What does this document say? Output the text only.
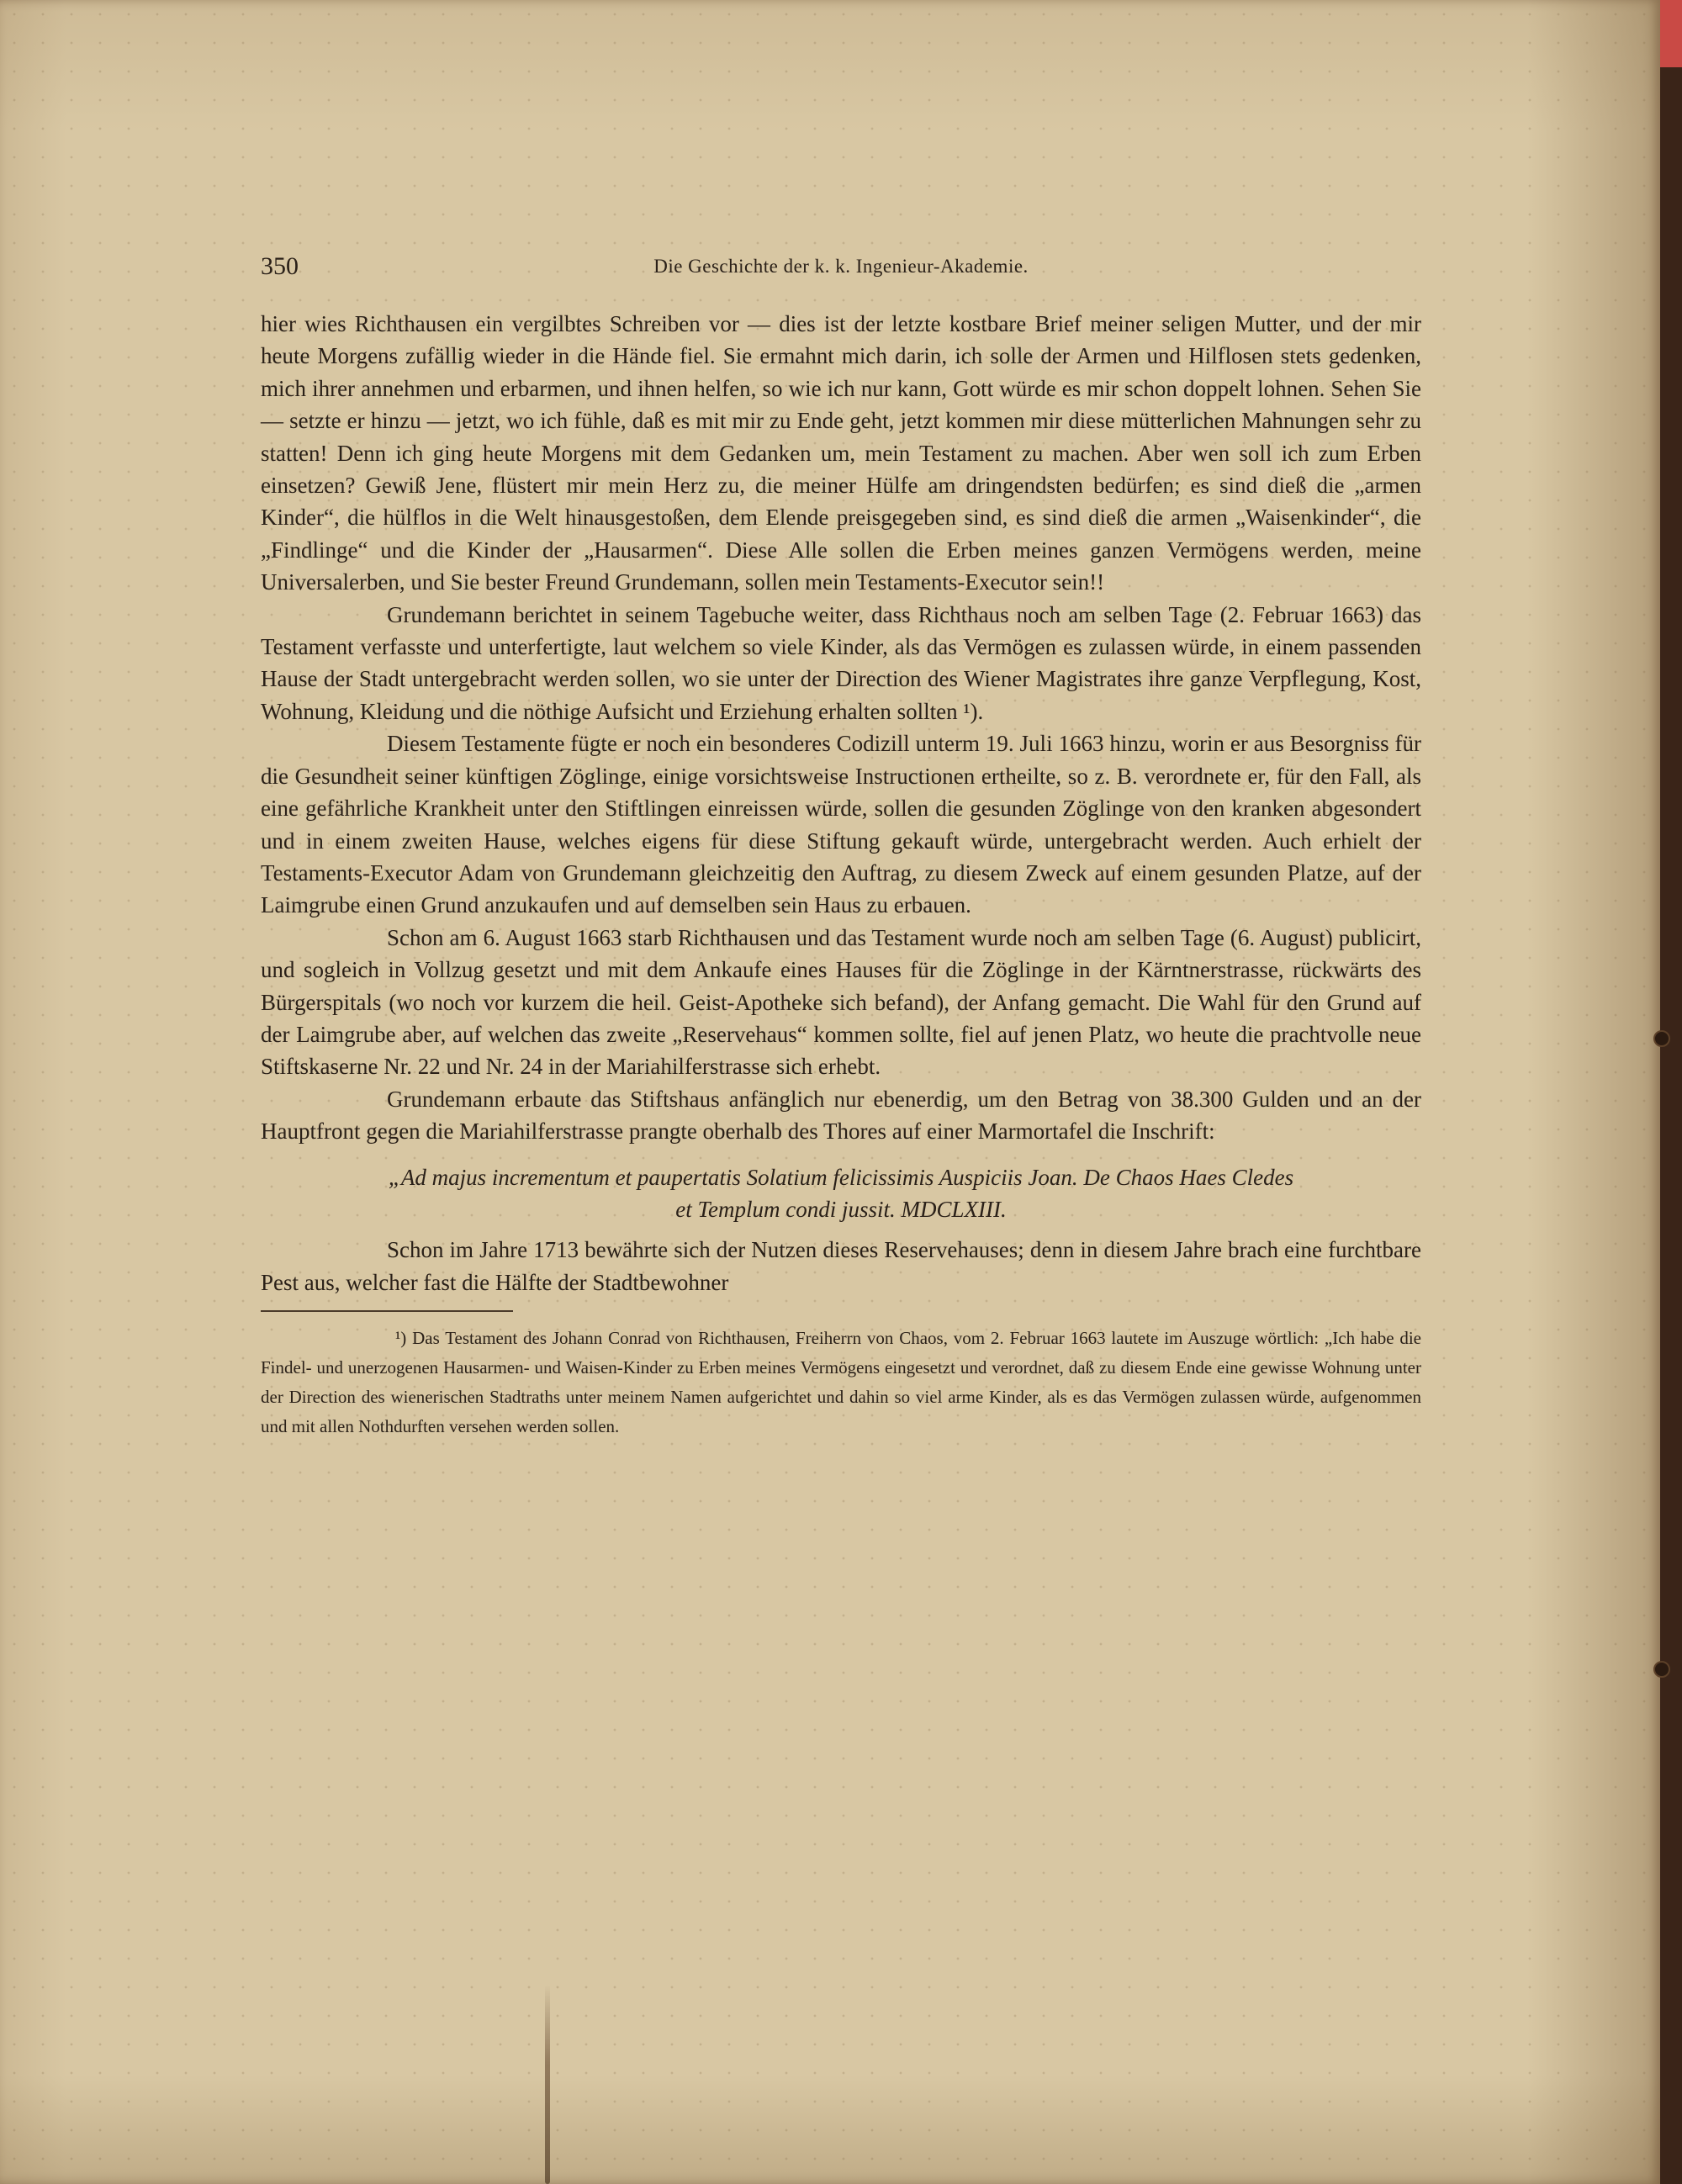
350	Die Geschichte der k. k. Ingenieur-Akademie.

hier wies Richthausen ein vergilbtes Schreiben vor — dies ist der letzte kostbare Brief meiner seligen Mutter, und der mir heute Morgens zufällig wieder in die Hände fiel. Sie ermahnt mich darin, ich solle der Armen und Hilflosen stets gedenken, mich ihrer annehmen und erbarmen, und ihnen helfen, so wie ich nur kann, Gott würde es mir schon doppelt lohnen. Sehen Sie — setzte er hinzu — jetzt, wo ich fühle, daß es mit mir zu Ende geht, jetzt kommen mir diese mütterlichen Mahnungen sehr zu statten! Denn ich ging heute Morgens mit dem Gedanken um, mein Testament zu machen. Aber wen soll ich zum Erben einsetzen? Gewiß Jene, flüstert mir mein Herz zu, die meiner Hülfe am dringendsten bedürfen; es sind dieß die „armen Kinder“, die hülflos in die Welt hinausgestoßen, dem Elende preisgegeben sind, es sind dieß die armen „Waisenkinder“, die „Findlinge“ und die Kinder der „Hausarmen“. Diese Alle sollen die Erben meines ganzen Vermögens werden, meine Universalerben, und Sie bester Freund Grundemann, sollen mein Testaments-Executor sein!!

Grundemann berichtet in seinem Tagebuche weiter, dass Richthaus noch am selben Tage (2. Februar 1663) das Testament verfasste und unterfertigte, laut welchem so viele Kinder, als das Vermögen es zulassen würde, in einem passenden Hause der Stadt untergebracht werden sollen, wo sie unter der Direction des Wiener Magistrates ihre ganze Verpflegung, Kost, Wohnung, Kleidung und die nöthige Aufsicht und Erziehung erhalten sollten ¹).

Diesem Testamente fügte er noch ein besonderes Codizill unterm 19. Juli 1663 hinzu, worin er aus Besorgniss für die Gesundheit seiner künftigen Zöglinge, einige vorsichtsweise Instructionen ertheilte, so z. B. verordnete er, für den Fall, als eine gefährliche Krankheit unter den Stiftlingen einreissen würde, sollen die gesunden Zöglinge von den kranken abgesondert und in einem zweiten Hause, welches eigens für diese Stiftung gekauft würde, untergebracht werden. Auch erhielt der Testaments-Executor Adam von Grundemann gleichzeitig den Auftrag, zu diesem Zweck auf einem gesunden Platze, auf der Laimgrube einen Grund anzukaufen und auf demselben sein Haus zu erbauen.

Schon am 6. August 1663 starb Richthausen und das Testament wurde noch am selben Tage (6. August) publicirt, und sogleich in Vollzug gesetzt und mit dem Ankaufe eines Hauses für die Zöglinge in der Kärntnerstrasse, rückwärts des Bürgerspitals (wo noch vor kurzem die heil. Geist-Apotheke sich befand), der Anfang gemacht. Die Wahl für den Grund auf der Laimgrube aber, auf welchen das zweite „Reservehaus“ kommen sollte, fiel auf jenen Platz, wo heute die prachtvolle neue Stiftskaserne Nr. 22 und Nr. 24 in der Mariahilferstrasse sich erhebt.

Grundemann erbaute das Stiftshaus anfänglich nur ebenerdig, um den Betrag von 38.300 Gulden und an der Hauptfront gegen die Mariahilferstrasse prangte oberhalb des Thores auf einer Marmortafel die Inschrift:

„Ad majus incrementum et paupertatis Solatium felicissimis Auspiciis Joan. De Chaos Haes Cledes
et Templum condi jussit. MDCLXIII.

Schon im Jahre 1713 bewährte sich der Nutzen dieses Reservehauses; denn in diesem Jahre brach eine furchtbare Pest aus, welcher fast die Hälfte der Stadtbewohner

¹) Das Testament des Johann Conrad von Richthausen, Freiherrn von Chaos, vom 2. Februar 1663 lautete im Auszuge wörtlich: „Ich habe die Findel- und unerzogenen Hausarmen- und Waisen-Kinder zu Erben meines Vermögens eingesetzt und verordnet, daß zu diesem Ende eine gewisse Wohnung unter der Direction des wienerischen Stadtraths unter meinem Namen aufgerichtet und dahin so viel arme Kinder, als es das Vermögen zulassen würde, aufgenommen und mit allen Nothdurften versehen werden sollen.
